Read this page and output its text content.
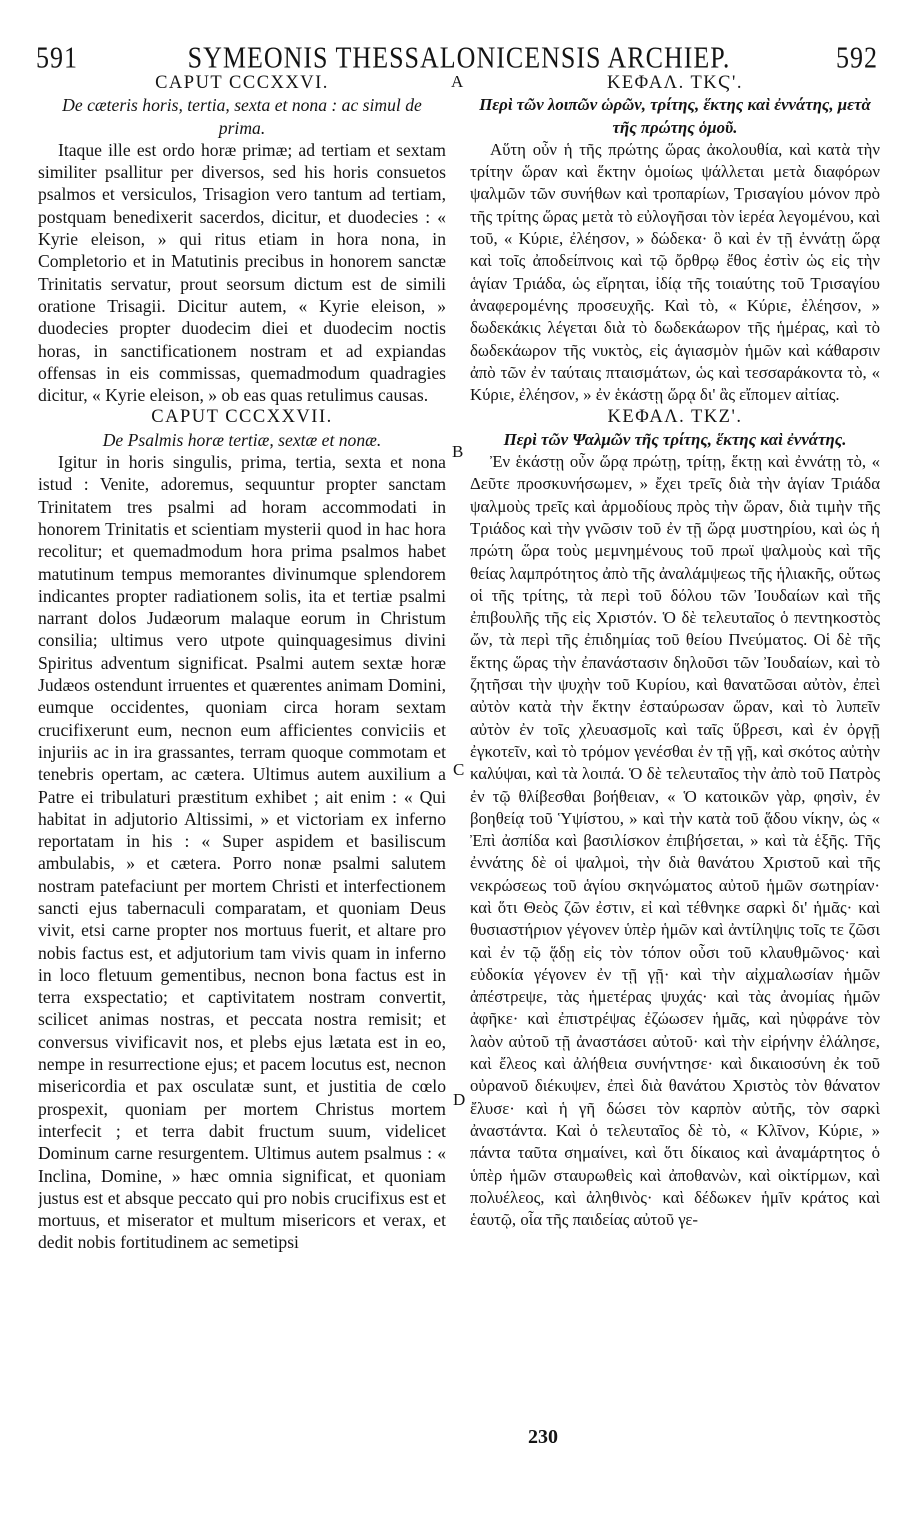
591	SYMEONIS THESSALONICENSIS ARCHIEP.	592

CAPUT CCCXXVI.

De cæteris horis, tertia, sexta et nona : ac simul de prima.

Itaque ille est ordo horæ primæ; ad tertiam et sextam similiter psallitur per diversos, sed his horis consuetos psalmos et versiculos, Trisagion vero tantum ad tertiam, postquam benedixerit sacerdos, dicitur, et duodecies : « Kyrie eleison, » qui ritus etiam in hora nona, in Completorio et in Matutinis precibus in honorem sanctæ Trinitatis servatur, prout seorsum dictum est de simili oratione Trisagii. Dicitur autem, « Kyrie eleison, » duodecies propter duodecim diei et duodecim noctis horas, in sanctificationem nostram et ad expiandas offensas in eis commissas, quemadmodum quadragies dicitur, « Kyrie eleison, » ob eas quas retulimus causas.

CAPUT CCCXXVII.

De Psalmis horæ tertiæ, sextæ et nonæ.

Igitur in horis singulis, prima, tertia, sexta et nona istud : Venite, adoremus, sequuntur propter sanctam Trinitatem tres psalmi ad horam accommodati in honorem Trinitatis et scientiam mysterii quod in hac hora recolitur; et quemadmodum hora prima psalmos habet matutinum tempus memorantes divinumque splendorem indicantes propter radiationem solis, ita et tertiæ psalmi narrant dolos Judæorum malaque eorum in Christum consilia; ultimus vero utpote quinquagesimus divini Spiritus adventum significat. Psalmi autem sextæ horæ Judæos ostendunt irruentes et quærentes animam Domini, eumque occidentes, quoniam circa horam sextam crucifixerunt eum, necnon eum afficientes conviciis et injuriis ac in ira grassantes, terram quoque commotam et tenebris opertam, ac cætera. Ultimus autem auxilium a Patre ei tribulaturi præstitum exhibet ; ait enim : « Qui habitat in adjutorio Altissimi, » et victoriam ex inferno reportatam in his : « Super aspidem et basiliscum ambulabis, » et cætera. Porro nonæ psalmi salutem nostram patefaciunt per mortem Christi et interfectionem sancti ejus tabernaculi comparatam, et quoniam Deus vivit, etsi carne propter nos mortuus fuerit, et altare pro nobis factus est, et adjutorium tam vivis quam in inferno in loco fletuum gementibus, necnon bona factus est in terra exspectatio; et captivitatem nostram convertit, scilicet animas nostras, et peccata nostra remisit; et conversus vivificavit nos, et plebs ejus lætata est in eo, nempe in resurrectione ejus; et pacem locutus est, necnon misericordia et pax osculatæ sunt, et justitia de cœlo prospexit, quoniam per mortem Christus mortem interfecit ; et terra dabit fructum suum, videlicet Dominum carne resurgentem. Ultimus autem psalmus : « Inclina, Domine, » hæc omnia significat, et quoniam justus est et absque peccato qui pro nobis crucifixus est et mortuus, et miserator et multum misericors et verax, et dedit nobis fortitudinem ac semetipsi

ΚΕΦΑΛ. ΤΚϚ'.

Περὶ τῶν λοιπῶν ὡρῶν, τρίτης, ἕκτης καὶ ἐννάτης, μετὰ τῆς πρώτης ὁμοῦ.

Αὕτη οὖν ἡ τῆς πρώτης ὥρας ἀκολουθία, καὶ κατὰ τὴν τρίτην ὥραν καὶ ἕκτην ὁμοίως ψάλλεται μετὰ διαφόρων ψαλμῶν τῶν συνήθων καὶ τροπαρίων, Τρισαγίου μόνον πρὸ τῆς τρίτης ὥρας μετὰ τὸ εὐλογῆσαι τὸν ἱερέα λεγομένου, καὶ τοῦ, « Κύριε, ἐλέησον, » δώδεκα· ὃ καὶ ἐν τῇ ἐννάτῃ ὥρᾳ καὶ τοῖς ἀποδείπνοις καὶ τῷ ὄρθρῳ ἔθος ἐστὶν ὡς εἰς τὴν ἁγίαν Τριάδα, ὡς εἴρηται, ἰδίᾳ τῆς τοιαύτης τοῦ Τρισαγίου ἀναφερομένης προσευχῆς. Καὶ τὸ, « Κύριε, ἐλέησον, » δωδεκάκις λέγεται διὰ τὸ δωδεκάωρον τῆς ἡμέρας, καὶ τὸ δωδεκάωρον τῆς νυκτὸς, εἰς ἁγιασμὸν ἡμῶν καὶ κάθαρσιν ἀπὸ τῶν ἐν ταύταις πταισμάτων, ὡς καὶ τεσσαράκοντα τὸ, « Κύριε, ἐλέησον, » ἐν ἑκάστῃ ὥρᾳ δι' ἃς εἴπομεν αἰτίας.

ΚΕΦΑΛ. ΤΚΖ'.

Περὶ τῶν Ψαλμῶν τῆς τρίτης, ἕκτης καὶ ἐννάτης.

Ἐν ἑκάστῃ οὖν ὥρᾳ πρώτῃ, τρίτῃ, ἕκτῃ καὶ ἐννάτῃ τὸ, « Δεῦτε προσκυνήσωμεν, » ἔχει τρεῖς διὰ τὴν ἁγίαν Τριάδα ψαλμοὺς τρεῖς καὶ ἁρμοδίους πρὸς τὴν ὥραν, διὰ τιμὴν τῆς Τριάδος καὶ τὴν γνῶσιν τοῦ ἐν τῇ ὥρᾳ μυστηρίου, καὶ ὡς ἡ πρώτη ὥρα τοὺς μεμνημένους τοῦ πρωϊ ψαλμοὺς καὶ τῆς θείας λαμπρότητος ἀπὸ τῆς ἀναλάμψεως τῆς ἡλιακῆς, οὕτως οἱ τῆς τρίτης, τὰ περὶ τοῦ δόλου τῶν Ἰουδαίων καὶ τῆς ἐπιβουλῆς τῆς εἰς Χριστόν. Ὁ δὲ τελευταῖος ὁ πεντηκοστὸς ὤν, τὰ περὶ τῆς ἐπιδημίας τοῦ θείου Πνεύματος. Οἱ δὲ τῆς ἕκτης ὥρας τὴν ἐπανάστασιν δηλοῦσι τῶν Ἰουδαίων, καὶ τὸ ζητῆσαι τὴν ψυχὴν τοῦ Κυρίου, καὶ θανατῶσαι αὐτὸν, ἐπεὶ αὐτὸν κατὰ τὴν ἕκτην ἐσταύρωσαν ὥραν, καὶ τὸ λυπεῖν αὐτὸν ἐν τοῖς χλευασμοῖς καὶ ταῖς ὕβρεσι, καὶ ἐν ὀργῇ ἐγκοτεῖν, καὶ τὸ τρόμον γενέσθαι ἐν τῇ γῇ, καὶ σκότος αὐτὴν καλύψαι, καὶ τὰ λοιπά. Ὁ δὲ τελευταῖος τὴν ἀπὸ τοῦ Πατρὸς ἐν τῷ θλίβεσθαι βοήθειαν, « Ὁ κατοικῶν γὰρ, φησὶν, ἐν βοηθείᾳ τοῦ Ὑψίστου, » καὶ τὴν κατὰ τοῦ ᾅδου νίκην, ὡς « Ἐπὶ ἀσπίδα καὶ βασιλίσκον ἐπιβήσεται, » καὶ τὰ ἑξῆς. Τῆς ἐννάτης δὲ οἱ ψαλμοὶ, τὴν διὰ θανάτου Χριστοῦ καὶ τῆς νεκρώσεως τοῦ ἁγίου σκηνώματος αὐτοῦ ἡμῶν σωτηρίαν· καὶ ὅτι Θεὸς ζῶν ἐστιν, εἰ καὶ τέθνηκε σαρκὶ δι' ἡμᾶς· καὶ θυσιαστήριον γέγονεν ὑπὲρ ἡμῶν καὶ ἀντίληψις τοῖς τε ζῶσι καὶ ἐν τῷ ᾅδῃ εἰς τὸν τόπον οὖσι τοῦ κλαυθμῶνος· καὶ εὐδοκία γέγονεν ἐν τῇ γῇ· καὶ τὴν αἰχμαλωσίαν ἡμῶν ἀπέστρεψε, τὰς ἡμετέρας ψυχάς· καὶ τὰς ἀνομίας ἡμῶν ἀφῆκε· καὶ ἐπιστρέψας ἐζώωσεν ἡμᾶς, καὶ ηὐφράνε τὸν λαὸν αὐτοῦ τῇ ἀναστάσει αὐτοῦ· καὶ τὴν εἰρήνην ἐλάλησε, καὶ ἔλεος καὶ ἀλήθεια συνήντησε· καὶ δικαιοσύνη ἐκ τοῦ οὐρανοῦ διέκυψεν, ἐπεὶ διὰ θανάτου Χριστὸς τὸν θάνατον ἔλυσε· καὶ ἡ γῆ δώσει τὸν καρπὸν αὐτῆς, τὸν σαρκὶ ἀναστάντα. Καὶ ὁ τελευταῖος δὲ τὸ, « Κλῖνον, Κύριε, » πάντα ταῦτα σημαίνει, καὶ ὅτι δίκαιος καὶ ἀναμάρτητος ὁ ὑπὲρ ἡμῶν σταυρωθεὶς καὶ ἀποθανὼν, καὶ οἰκτίρμων, καὶ πολυέλεος, καὶ ἀληθινὸς· καὶ δέδωκεν ἡμῖν κράτος καὶ ἑαυτῷ, οἷα τῆς παιδείας αὐτοῦ γε-

A
B
C
D
230
